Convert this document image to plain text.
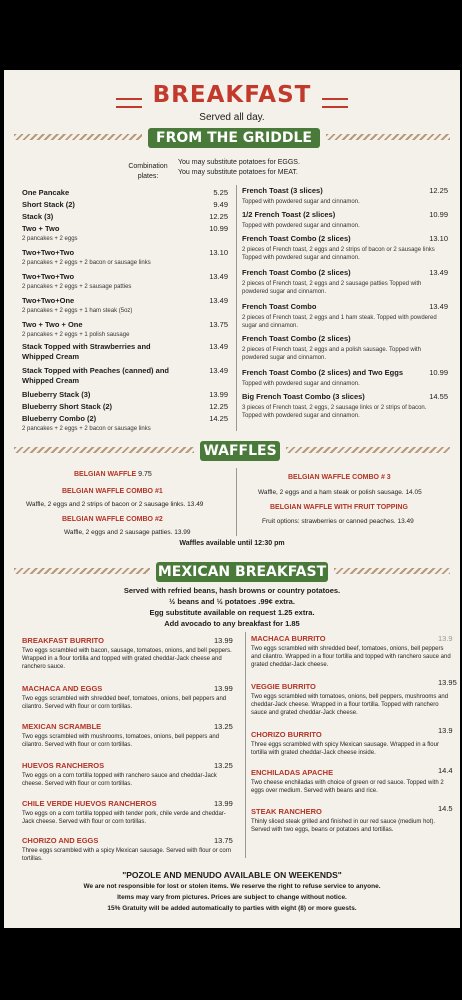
BREAKFAST
Served all day.
FROM THE GRIDDLE
Combination plates:
You may substitute potatoes for EGGS.
You may substitute potatoes for MEAT.
One Pancake	5.25
Short Stack (2)	9.49
Stack (3)	12.25
Two + Two	10.99
2 pancakes + 2 eggs
Two+Two+Two	13.10
2 pancakes + 2 eggs + 2 bacon or sausage links
Two+Two+Two	13.49
2 pancakes + 2 eggs + 2 sausage patties
Two+Two+One	13.49
2 pancakes + 2 eggs + 1 ham steak (5oz)
Two + Two + One	13.75
2 pancakes + 2 eggs + 1 polish sausage
Stack Topped with Strawberries and Whipped Cream
13.49
Stack Topped with Peaches (canned) and Whipped Cream
13.49
Blueberry Stack (3)	13.99
Blueberry Short Stack (2)	12.25
Blueberry Combo (2)	14.25
2 pancakes + 2 eggs + 2 bacon or sausage links
French Toast (3 slices)	12.25
Topped with powdered sugar and cinnamon.
1/2 French Toast (2 slices)	10.99
Topped with powdered sugar and cinnamon.
French Toast Combo (2 slices)	13.10
2 pieces of French toast, 2 eggs and 2 strips of bacon or 2 sausage links Topped with powdered sugar and cinnamon.
French Toast Combo (2 slices)	13.49
2 pieces of French toast, 2 eggs and 2 sausage patties Topped with powdered sugar and cinnamon.
French Toast Combo	13.49
2 pieces of French toast, 2 eggs and 1 ham steak. Topped with powdered sugar and cinnamon.
French Toast Combo (2 slices)
2 pieces of French toast, 2 eggs and a polish sausage. Topped with powdered sugar and cinnamon.
French Toast Combo (2 slices) and Two Eggs	10.99
Topped with powdered sugar and cinnamon.
Big French Toast Combo (3 slices)	14.55
3 pieces of French toast, 2 eggs, 2 sausage links or 2 strips of bacon. Topped with powdered sugar and cinnamon.
WAFFLES
BELGIAN WAFFLE 9.75
BELGIAN WAFFLE COMBO #1
Waffle, 2 eggs and 2 strips of bacon or 2 sausage links. 13.49
BELGIAN WAFFLE COMBO #2
Waffle, 2 eggs and 2 sausage patties. 13.99
BELGIAN WAFFLE COMBO # 3
Waffle, 2 eggs and a ham steak or polish sausage. 14.05
BELGIAN WAFFLE WITH FRUIT TOPPING
Fruit options: strawberries or canned peaches. 13.49
Waffles available until 12:30 pm
MEXICAN BREAKFAST
Served with refried beans, hash browns or country potatoes.
½ beans and ½ potatoes .99¢ extra.
Egg substitute available on request 1.25 extra.
Add avocado to any breakfast for 1.85
BREAKFAST BURRITO	13.99
Two eggs scrambled with bacon, sausage, tomatoes, onions, and bell peppers. Wrapped in a flour tortilla and topped with grated cheddar-Jack cheese and ranchero sauce.
MACHACA AND EGGS	13.99
Two eggs scrambled with shredded beef, tomatoes, onions, bell peppers and cilantro. Served with flour or corn tortillas.
MEXICAN SCRAMBLE	13.25
Two eggs scrambled with mushrooms, tomatoes, onions, bell peppers and cilantro. Served with flour or corn tortillas.
HUEVOS RANCHEROS	13.25
Two eggs on a corn tortilla topped with ranchero sauce and cheddar-Jack cheese. Served with flour or corn tortillas.
CHILE VERDE HUEVOS RANCHEROS	13.99
Two eggs on a corn tortilla topped with tender pork, chile verde and cheddar-Jack cheese. Served with flour or corn tortillas.
CHORIZO AND EGGS	13.75
Three eggs scrambled with a spicy Mexican sausage. Served with flour or corn tortillas.
MACHACA BURRITO	13.9
Two eggs scrambled with shredded beef, tomatoes, onions, bell peppers and cilantro. Wrapped in a flour tortilla and topped with ranchero sauce and grated cheddar-Jack cheese.
VEGGIE BURRITO	13.95
Two eggs scrambled with tomatoes, onions, bell peppers, mushrooms and cheddar-Jack cheese. Wrapped in a flour tortilla. Topped with ranchero sauce and grated cheddar-Jack cheese.
CHORIZO BURRITO	13.9
Three eggs scrambled with spicy Mexican sausage. Wrapped in a flour tortilla with grated cheddar-Jack cheese inside.
ENCHILADAS APACHE	14.4
Two cheese enchiladas with choice of green or red sauce. Topped with 2 eggs over medium. Served with beans and rice.
STEAK RANCHERO	14.5
Thinly sliced steak grilled and finished in our red sauce (medium hot). Served with two eggs, beans or potatoes and tortillas.
"POZOLE AND MENUDO AVAILABLE ON WEEKENDS"
We are not responsible for lost or stolen items. We reserve the right to refuse service to anyone.
Items may vary from pictures. Prices are subject to change without notice.
15% Gratuity will be added automatically to parties with eight (8) or more guests.
